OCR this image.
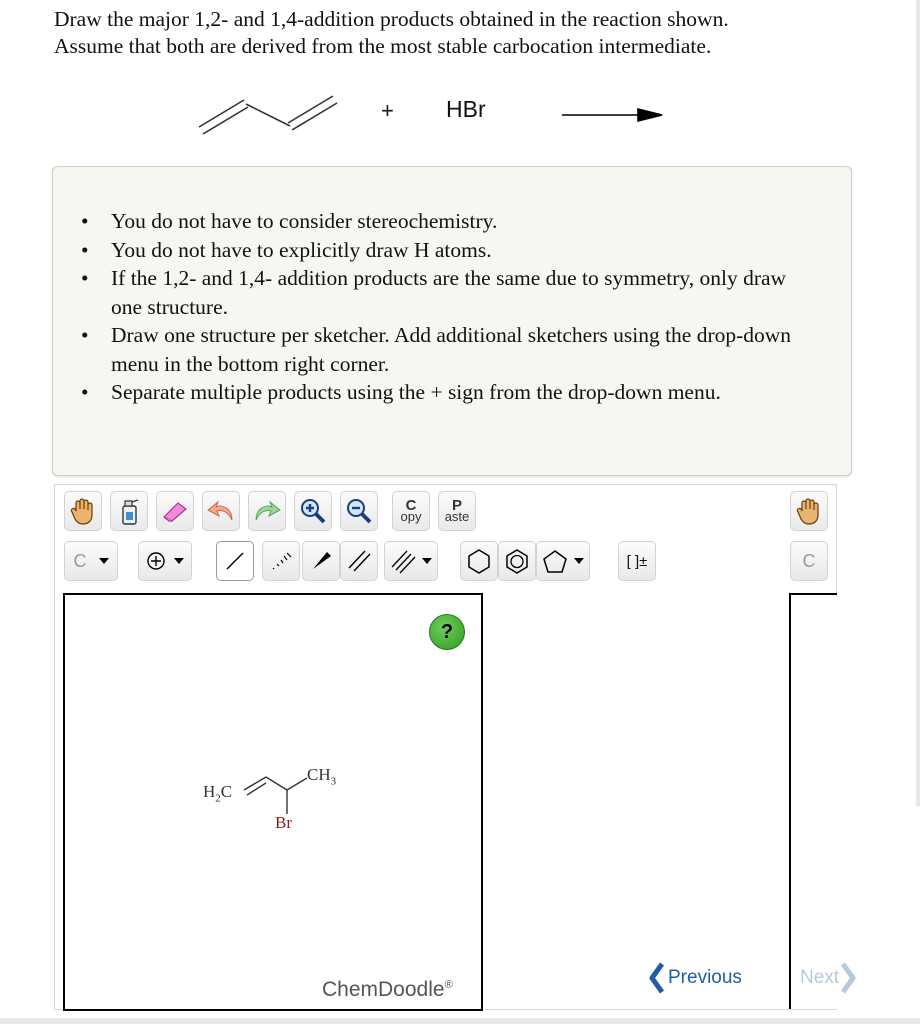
Draw the major 1,2- and 1,4-addition products obtained in the reaction shown.
Assume that both are derived from the most stable carbocation intermediate.
+ HBr
• You do not have to consider stereochemistry.
• You do not have to explicitly draw H atoms.
• If the 1,2- and 1,4- addition products are the same due to symmetry, only draw one structure.
• Draw one structure per sketcher. Add additional sketchers using the drop-down menu in the bottom right corner.
• Separate multiple products using the + sign from the drop-down menu.
C
opy
P
aste
C	[ ]±	C
?
$H_2C$
$CH_3$
Br
ChemDoodle®	Previous	Next
